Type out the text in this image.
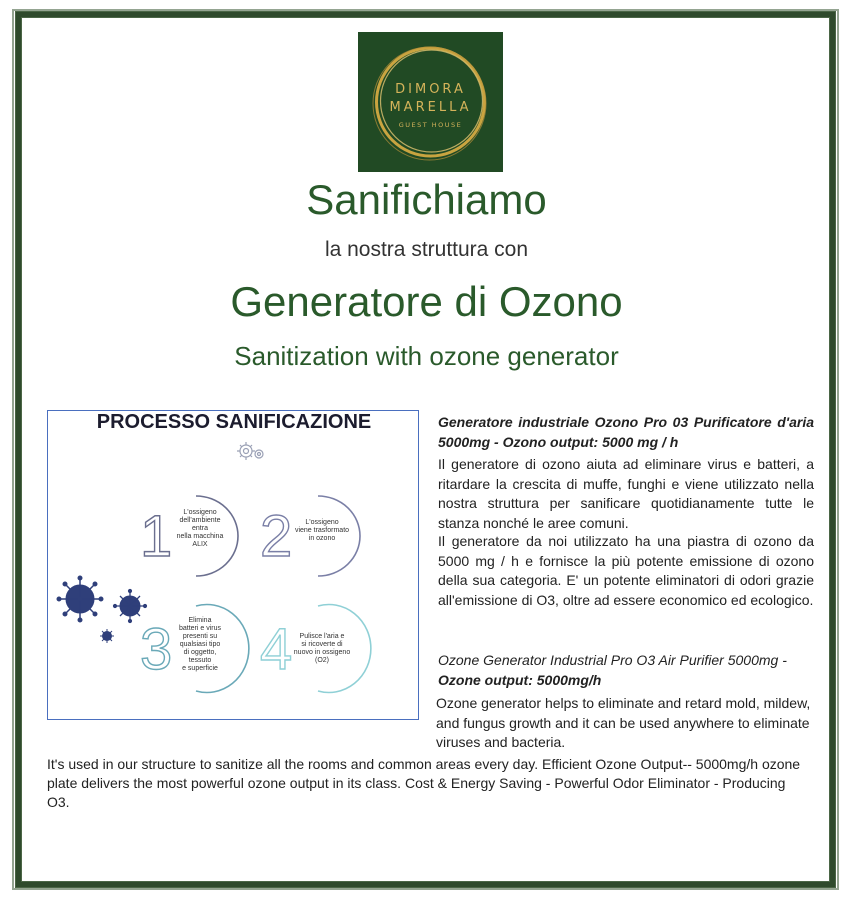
DIMORA
MARELLA
GUEST HOUSE
Sanifichiamo
la nostra struttura con
Generatore di Ozono
Sanitization with ozone generator
1 2
3 4
PROCESSO SANIFICAZIONE
L'ossigeno
dell'ambiente
entra
nella macchina
ALIX
L'ossigeno
viene trasformato
in ozono
Elimina
batteri e virus
presenti su
qualsiasi tipo
di oggetto,
tessuto
e superficie
Pulisce l'aria e
si ricoverte di
nuovo in ossigeno
(O2)
Generatore industriale Ozono Pro 03 Purificatore d'aria 5000mg - Ozono output: 5000 mg / h
Il generatore di ozono aiuta ad eliminare virus e batteri, a ritardare la crescita di muffe, funghi e viene utilizzato nella nostra struttura per sanificare quotidianamente tutte le stanza nonché le aree comuni.
Il generatore da noi utilizzato ha una piastra di ozono da 5000 mg / h e fornisce la più potente emissione di ozono della sua categoria. E' un potente eliminatori di odori grazie all'emissione di O3, oltre ad essere economico ed ecologico.
Ozone Generator Industrial Pro O3 Air Purifier 5000mg - Ozone output: 5000mg/h
Ozone generator helps to eliminate and retard mold, mildew, and fungus growth and it can be used anywhere to eliminate viruses and bacteria.
It's used in our structure to sanitize all the rooms and common areas every day. Efficient Ozone Output-- 5000mg/h ozone plate delivers the most powerful ozone output in its class. Cost & Energy Saving - Powerful Odor Eliminator - Producing O3.
